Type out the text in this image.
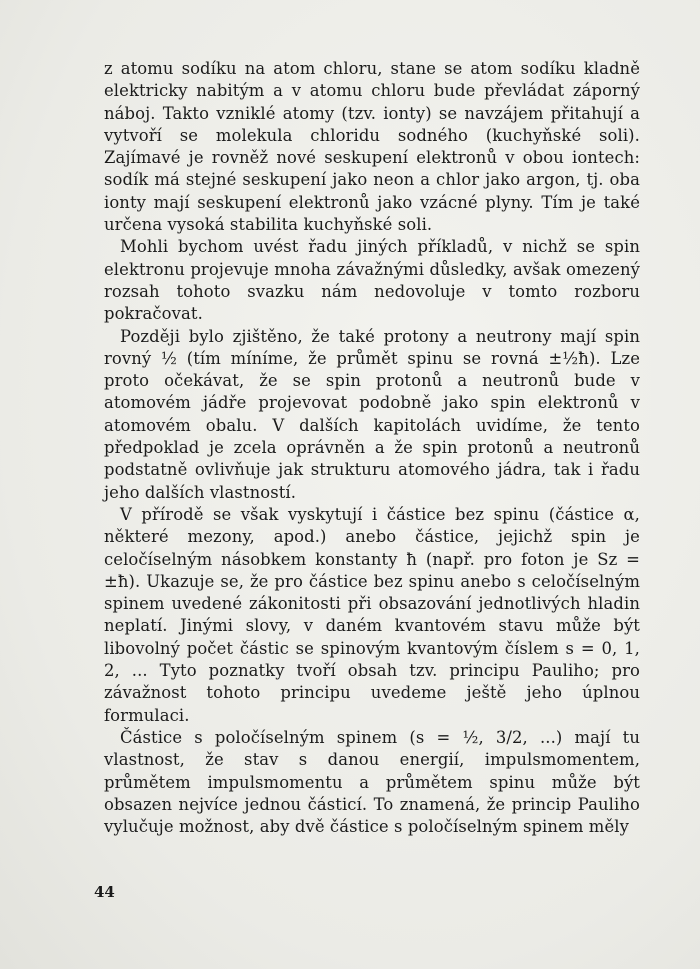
z atomu sodíku na atom chloru, stane se atom sodíku kladně elektricky nabitým a v atomu chloru bude převládat záporný náboj. Takto vzniklé atomy (tzv. ionty) se navzájem přitahují a vytvoří se molekula chloridu sodného (kuchyňské soli). Zajímavé je rovněž nové seskupení elektronů v obou iontech: sodík má stejné seskupení jako neon a chlor jako argon, tj. oba ionty mají seskupení elektronů jako vzácné plyny. Tím je také určena vysoká stabilita kuchyňské soli.

Mohli bychom uvést řadu jiných příkladů, v nichž se spin elektronu projevuje mnoha závažnými důsledky, avšak omezený rozsah tohoto svazku nám nedovoluje v tomto rozboru pokračovat.

Později bylo zjištěno, že také protony a neutrony mají spin rovný ½ (tím míníme, že průmět spinu se rovná ±½ħ). Lze proto očekávat, že se spin protonů a neutronů bude v atomovém jádře projevovat podobně jako spin elektronů v atomovém obalu. V dalších kapitolách uvidíme, že tento předpoklad je zcela oprávněn a že spin protonů a neutronů podstatně ovlivňuje jak strukturu atomového jádra, tak i řadu jeho dalších vlastností.

V přírodě se však vyskytují i částice bez spinu (částice α, některé mezony, apod.) anebo částice, jejichž spin je celočíselným násobkem konstanty ħ (např. pro foton je Sz = ±ħ). Ukazuje se, že pro částice bez spinu anebo s celočíselným spinem uvedené zákonitosti při obsazování jednotlivých hladin neplatí. Jinými slovy, v daném kvantovém stavu může být libovolný počet částic se spinovým kvantovým číslem s = 0, 1, 2, ... Tyto poznatky tvoří obsah tzv. principu Pauliho; pro závažnost tohoto principu uvedeme ještě jeho úplnou formulaci.

Částice s poločíselným spinem (s = ½, 3/2, ...) mají tu vlastnost, že stav s danou energií, impulsmomentem, průmětem impulsmomentu a průmětem spinu může být obsazen nejvíce jednou částicí. To znamená, že princip Pauliho vylučuje možnost, aby dvě částice s poločíselným spinem měly

44
